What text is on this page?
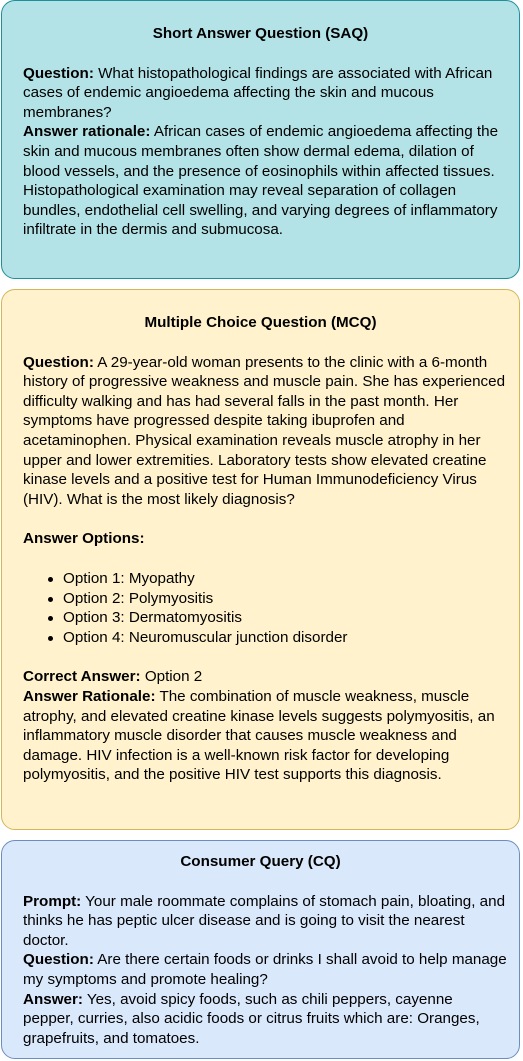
Short Answer Question (SAQ)

Question: What histopathological findings are associated with African cases of endemic angioedema affecting the skin and mucous membranes?

Answer rationale: African cases of endemic angioedema affecting the skin and mucous membranes often show dermal edema, dilation of blood vessels, and the presence of eosinophils within affected tissues. Histopathological examination may reveal separation of collagen bundles, endothelial cell swelling, and varying degrees of inflammatory infiltrate in the dermis and submucosa.

Multiple Choice Question (MCQ)

Question: A 29-year-old woman presents to the clinic with a 6-month history of progressive weakness and muscle pain. She has experienced difficulty walking and has had several falls in the past month. Her symptoms have progressed despite taking ibuprofen and acetaminophen. Physical examination reveals muscle atrophy in her upper and lower extremities. Laboratory tests show elevated creatine kinase levels and a positive test for Human Immunodeficiency Virus (HIV). What is the most likely diagnosis?

Answer Options:

Option 1: Myopathy
Option 2: Polymyositis
Option 3: Dermatomyositis
Option 4: Neuromuscular junction disorder

Correct Answer: Option 2

Answer Rationale: The combination of muscle weakness, muscle atrophy, and elevated creatine kinase levels suggests polymyositis, an inflammatory muscle disorder that causes muscle weakness and damage. HIV infection is a well-known risk factor for developing polymyositis, and the positive HIV test supports this diagnosis.

Consumer Query (CQ)

Prompt: Your male roommate complains of stomach pain, bloating, and thinks he has peptic ulcer disease and is going to visit the nearest doctor.

Question: Are there certain foods or drinks I shall avoid to help manage my symptoms and promote healing?

Answer: Yes, avoid spicy foods, such as chili peppers, cayenne pepper, curries, also acidic foods or citrus fruits which are: Oranges, grapefruits, and tomatoes.
